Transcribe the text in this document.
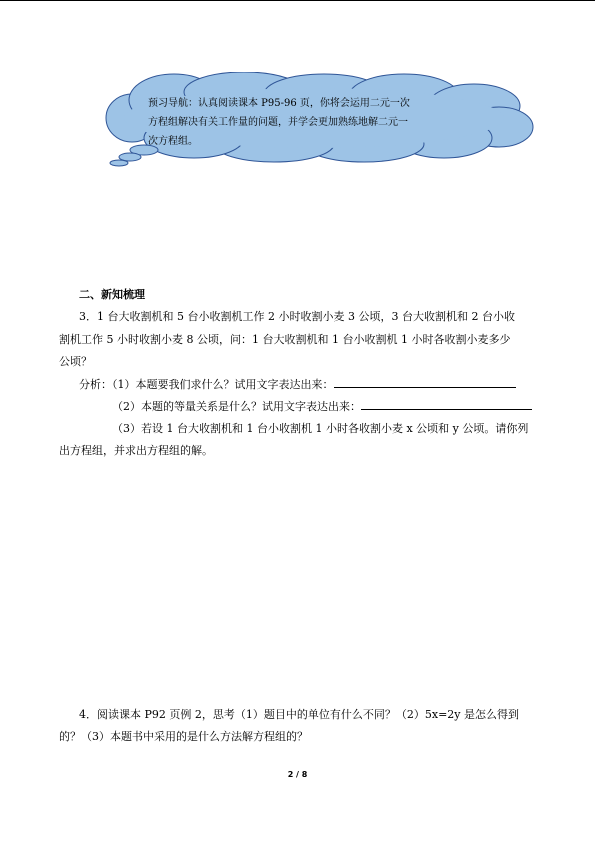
预习导航：认真阅读课本 P95-96 页，你将会运用二元一次
方程组解决有关工作量的问题，并学会更加熟练地解二元一
次方程组。
二、新知梳理
3．1 台大收割机和 5 台小收割机工作 2 小时收割小麦 3 公顷，3 台大收割机和 2 台小收
割机工作 5 小时收割小麦 8 公顷，问：1 台大收割机和 1 台小收割机 1 小时各收割小麦多少
公顷？
分析：（1）本题要我们求什么？试用文字表达出来：
（2）本题的等量关系是什么？试用文字表达出来：
（3）若设 1 台大收割机和 1 台小收割机 1 小时各收割小麦 x 公顷和 y 公顷。请你列
出方程组，并求出方程组的解。
4．阅读课本 P92 页例 2，思考（1）题目中的单位有什么不同？（2）5x=2y 是怎么得到
的？（3）本题书中采用的是什么方法解方程组的？
2 / 8
